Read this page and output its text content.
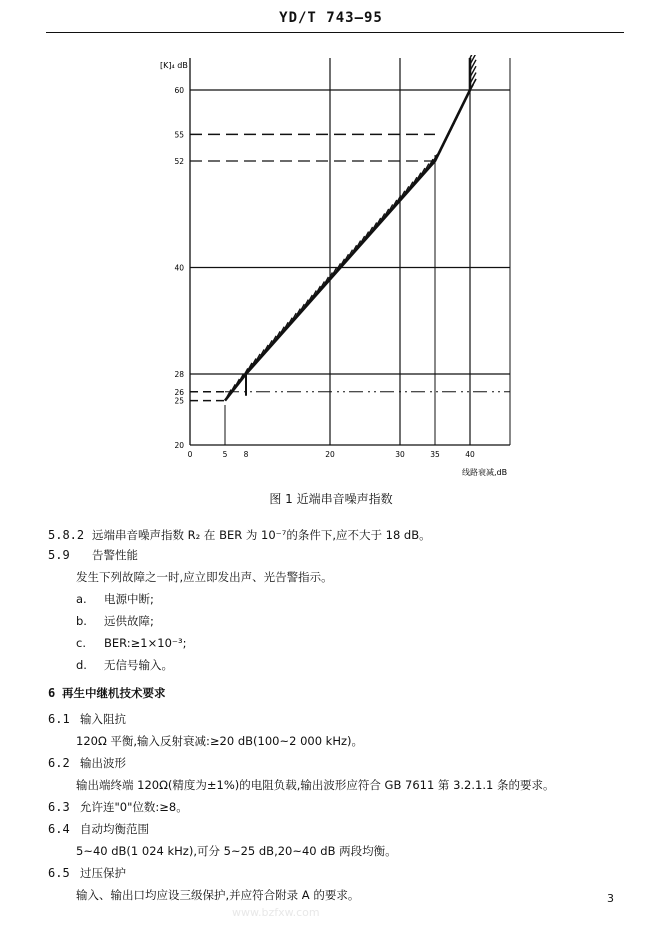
YD/T 743—95
60
55
52
40
28
26
25
20
0	5 8	20	30	35	40
[K]₄ dB
线路衰减,dB
图 1 近端串音噪声指数
5.8.2 远端串音噪声指数 R₂ 在 BER 为 10⁻⁷的条件下,应不大于 18 dB。
5.9 告警性能
发生下列故障之一时,应立即发出声、光告警指示。
a. 电源中断;
b. 远供故障;
c. BER:≥1×10⁻³;
d. 无信号输入。
6 再生中继机技术要求
6.1 输入阻抗
120Ω 平衡,输入反射衰减:≥20 dB(100~2 000 kHz)。
6.2 输出波形
输出端终端 120Ω(精度为±1%)的电阻负载,输出波形应符合 GB 7611 第 3.2.1.1 条的要求。
6.3 允许连"0"位数:≥8。
6.4 自动均衡范围
5~40 dB(1 024 kHz),可分 5~25 dB,20~40 dB 两段均衡。
6.5 过压保护
输入、输出口均应设三级保护,并应符合附录 A 的要求。	3
www.bzfxw.com
